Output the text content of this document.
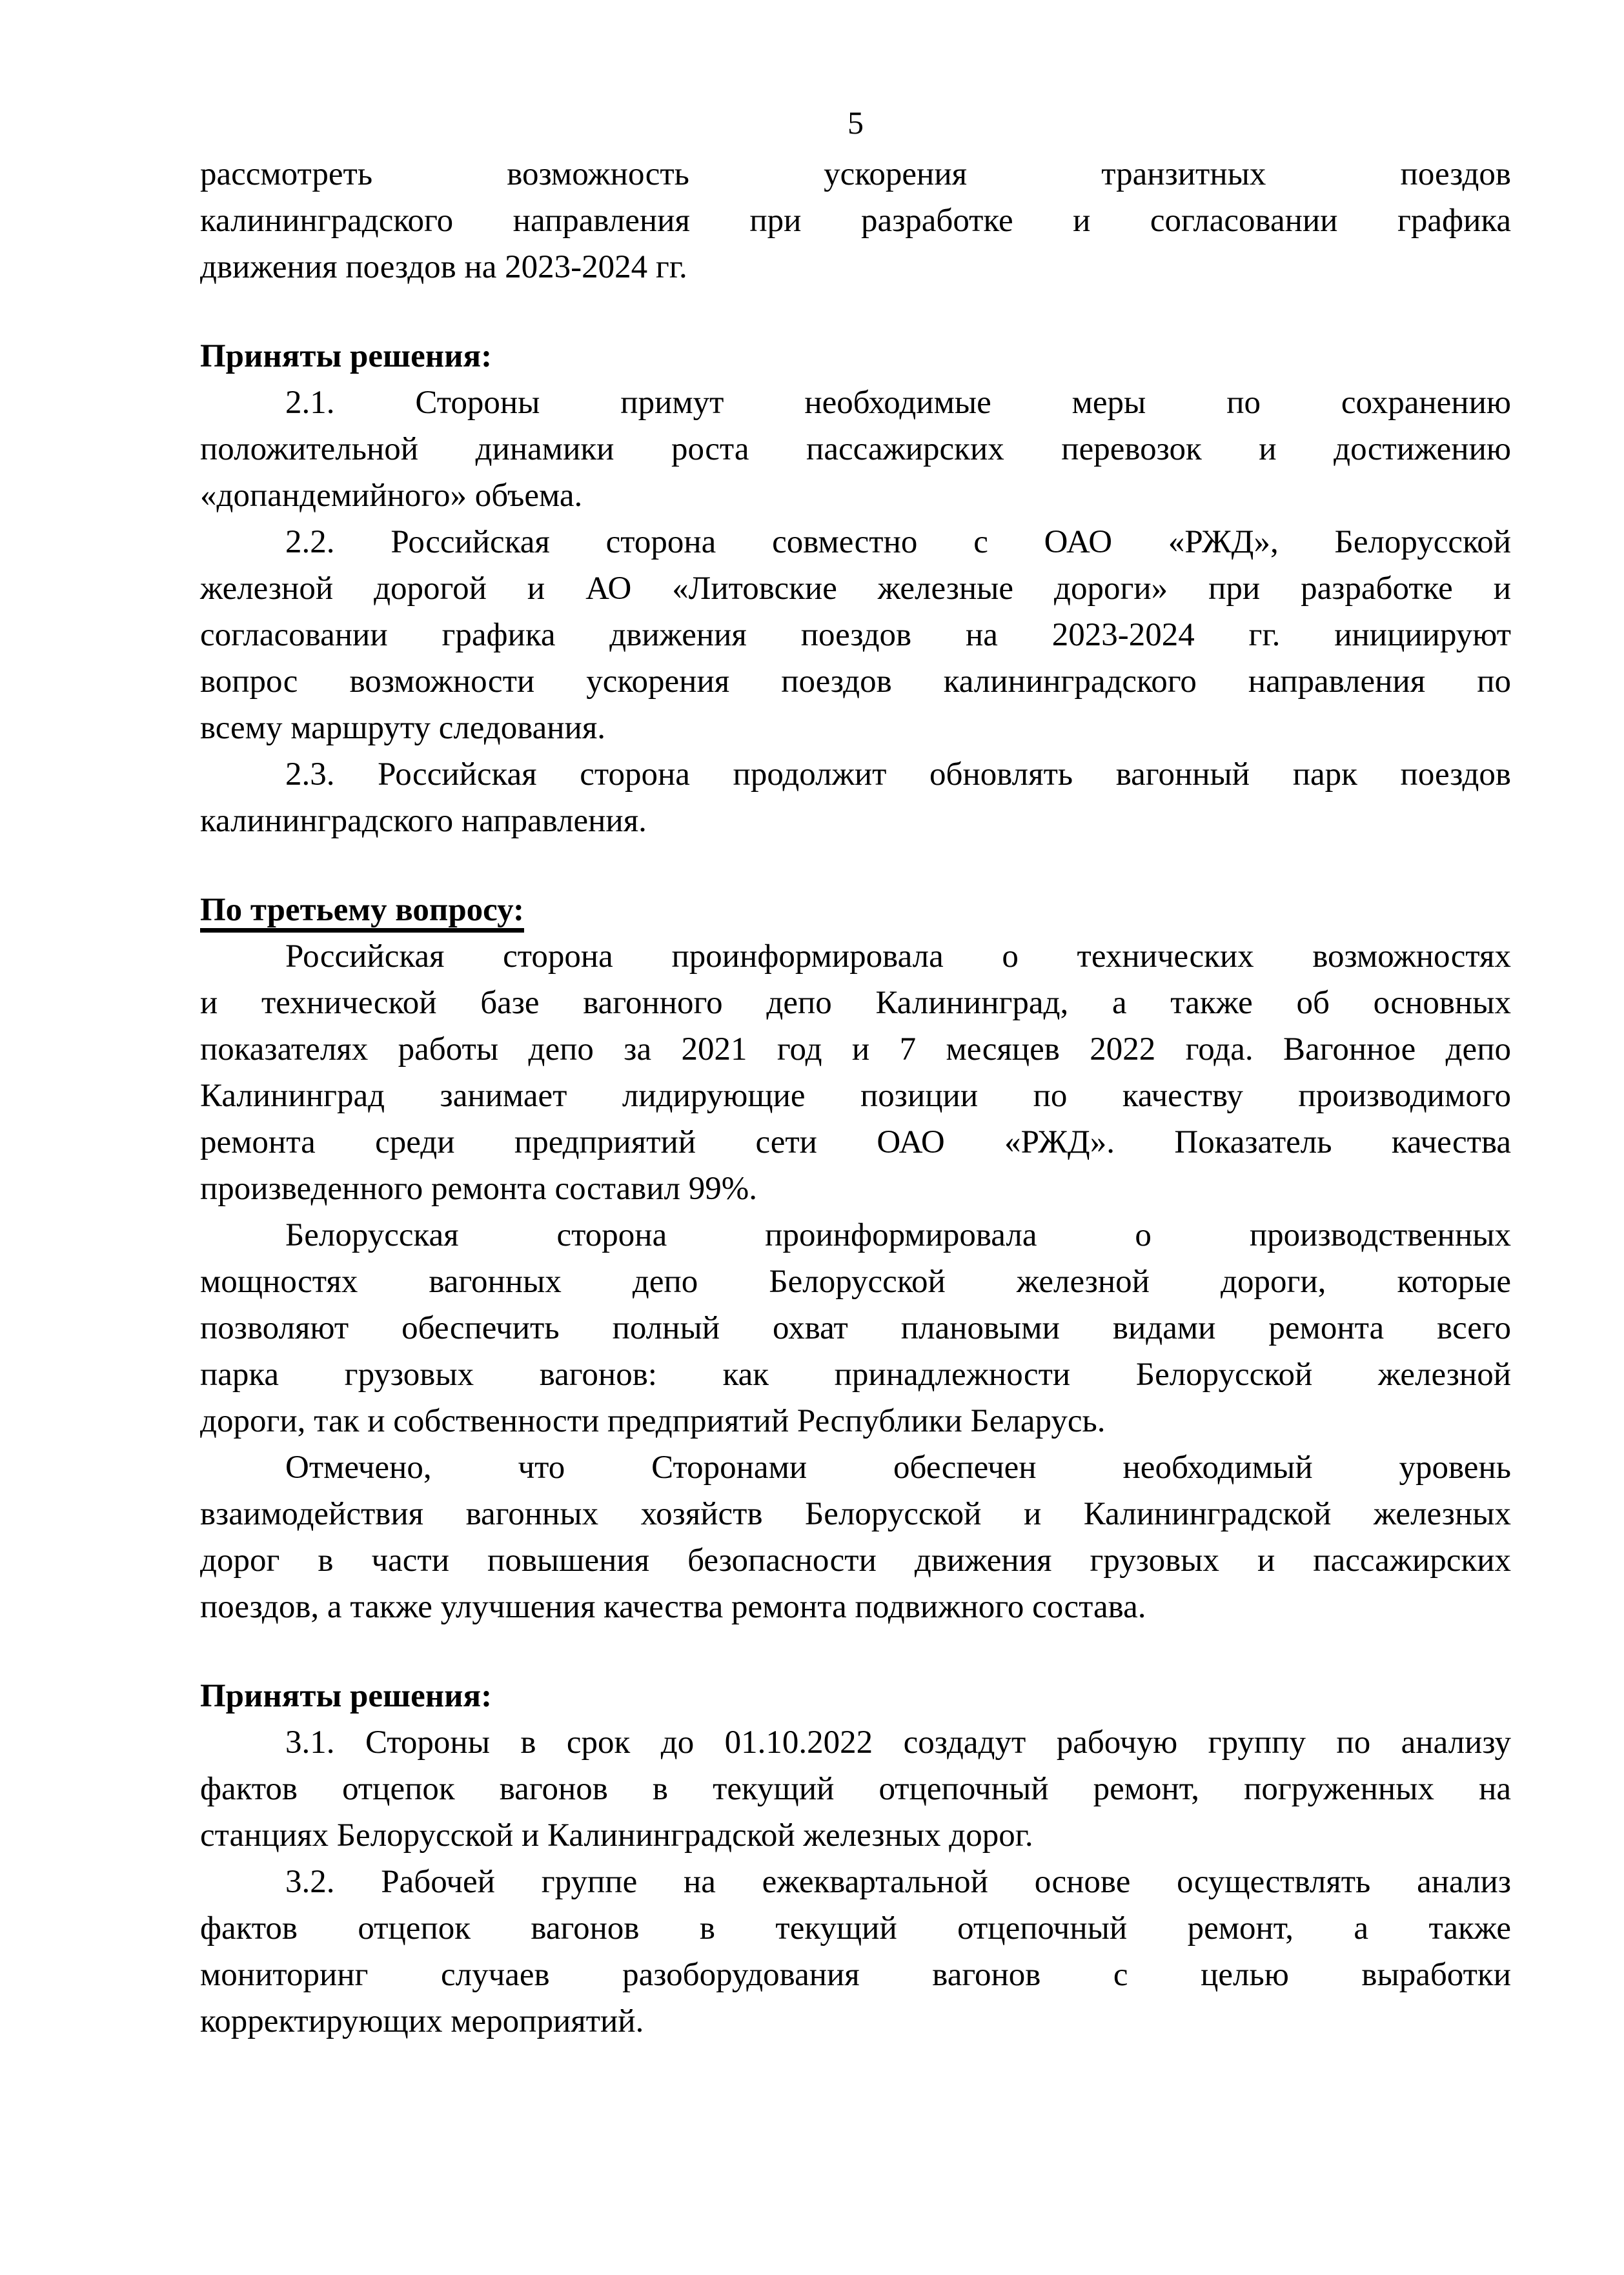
5

рассмотреть возможность ускорения транзитных поездов
калининградского направления при разработке и согласовании графика
движения поездов на 2023-2024 гг.

Приняты решения:

2.1. Стороны примут необходимые меры по сохранению
положительной динамики роста пассажирских перевозок и достижению
«допандемийного» объема.

2.2. Российская сторона совместно с ОАО «РЖД», Белорусской
железной дорогой и АО «Литовские железные дороги» при разработке и
согласовании графика движения поездов на 2023-2024 гг. инициируют
вопрос возможности ускорения поездов калининградского направления по
всему маршруту следования.

2.3. Российская сторона продолжит обновлять вагонный парк поездов
калининградского направления.

По третьему вопросу:

Российская сторона проинформировала о технических возможностях
и технической базе вагонного депо Калининград, а также об основных
показателях работы депо за 2021 год и 7 месяцев 2022 года. Вагонное депо
Калининград занимает лидирующие позиции по качеству производимого
ремонта среди предприятий сети ОАО «РЖД». Показатель качества
произведенного ремонта составил 99%.

Белорусская сторона проинформировала о производственных
мощностях вагонных депо Белорусской железной дороги, которые
позволяют обеспечить полный охват плановыми видами ремонта всего
парка грузовых вагонов: как принадлежности Белорусской железной
дороги, так и собственности предприятий Республики Беларусь.

Отмечено, что Сторонами обеспечен необходимый уровень
взаимодействия вагонных хозяйств Белорусской и Калининградской железных
дорог в части повышения безопасности движения грузовых и пассажирских
поездов, а также улучшения качества ремонта подвижного состава.

Приняты решения:

3.1. Стороны в срок до 01.10.2022 создадут рабочую группу по анализу
фактов отцепок вагонов в текущий отцепочный ремонт, погруженных на
станциях Белорусской и Калининградской железных дорог.

3.2. Рабочей группе на ежеквартальной основе осуществлять анализ
фактов отцепок вагонов в текущий отцепочный ремонт, а также
мониторинг случаев разоборудования вагонов с целью выработки
корректирующих мероприятий.
